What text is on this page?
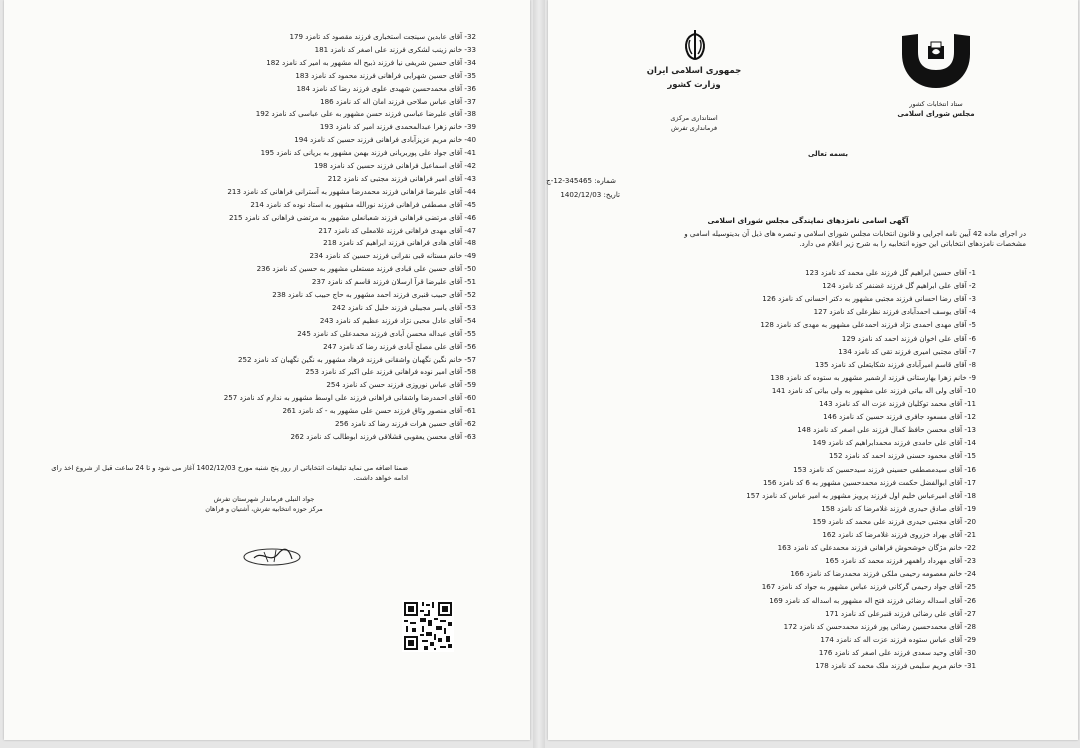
32- آقای عابدین سینجت استخباری فرزند مقصود کد تامزد 179
33- خانم زینب لشکری فرزند علی اصغر کد نامزد 181
34- آقای حسین شریفی نیا فرزند ذبیح اله مشهور به امیر کد نامزد 182
35- آقای حسین شهرابی فراهانی فرزند محمود کد نامزد 183
36- آقای محمدحسین شهیدی علوی فرزند رضا کد نامزد 184
37- آقای عباس صلاحی فرزند امان اله کد نامزد 186
38- آقای علیرضا عباسی فرزند حسن مشهور به علی عباسی کد نامزد 192
39- خانم زهرا عبدالمحمدی فرزند امیر کد نامزد 193
40- خانم مریم عزیزآبادی فراهانی فرزند حسین کد نامزد 194
41- آقای جواد علی پوربریانی فرزند بهمن مشهور به بریانی کد نامزد 195
42- آقای اسماعیل فراهانی فرزند حسین کد نامزد 198
43- آقای امیر فراهانی فرزند مجتبی کد نامزد 212
44- آقای علیرضا فراهانی فرزند محمدرضا مشهور به آسترانی فراهانی کد نامزد 213
45- آقای مصطفی فراهانی فرزند نورالله مشهور به استاد نوده کد نامزد 214
46- آقای مرتضی فراهانی فرزند شعبانعلی مشهور به مرتضی فراهانی کد نامزد 215
47- آقای مهدی فراهانی فرزند غلامعلی کد نامزد 217
48- آقای هادی فراهانی فرزند ابراهیم کد نامزد 218
49- خانم مستانه قبی نقرانی فرزند حسین کد نامزد 234
50- آقای حسین علی قبادی فرزند مستعلی مشهور به حسین کد نامزد 236
51- آقای علیرضا قرآ ارسلان فرزند قاسم کد نامزد 237
52- آقای حبیب قنبری فرزند احمد مشهور به حاج حبیب کد نامزد 238
53- آقای یاسر مجیبلی فرزند خلیل کد نامزد 242
54- آقای عادل محبی نژاد فرزند عظیم کد نامزد 243
55- آقای عبداله محسن آبادی فرزند محمدعلی کد نامزد 245
56- آقای علی مصلح آبادی فرزند رضا کد نامزد 247
57- خانم نگین نگهبان واشقانی فرزند فرهاد مشهور به نگین نگهبان کد نامزد 252
58- آقای امیر نوده فراهانی فرزند علی اکبر کد نامزد 253
59- آقای عباس نوروزی فرزند حسن کد نامزد 254
60- آقای احمدرضا واشقانی فراهانی فرزند علی اوسط مشهور به ندارم کد نامزد 257
61- آقای منصور وثاق فرزند حسن علی مشهور به - کد نامزد 261
62- آقای حسین هرات فرزند رضا کد نامزد 256
63- آقای محسن یعقوبی قشلاقی فرزند ابوطالب کد نامزد 262
ضمنا اضافه می نماید تبلیغات انتخاباتی از روز پنج شنبه مورخ 1402/12/03 آغاز می شود و تا 24 ساعت قبل از شروع اخذ رای
ادامه خواهد داشت.
جواد النبلی فرماندار شهرستان تفرش
مرکز حوزه انتخابیه تفرش، آشتیان و فراهان
ستاد انتخابات کشور
مجلس شورای اسلامی
جمهوری اسلامی ایران
وزارت کشور
استانداری مرکزی
فرمانداری تفرش
بسمه تعالی
شماره: 345465-12-ج
تاریخ: 1402/12/03
آگهی اسامی نامزدهای نمایندگی مجلس شورای اسلامی
در اجرای ماده 42 آیین نامه اجرایی و قانون انتخابات مجلس شورای اسلامی و تبصره های ذیل آن بدینوسیله اسامی و
مشخصات نامزدهای انتخاباتی این حوزه انتخابیه را به شرح زیر اعلام می دارد.
1- آقای حسین ابراهیم گل فرزند علی محمد کد نامزد 123
2- آقای علی ابراهیم گل فرزند غضنفر کد نامزد 124
3- آقای رضا احسانی فرزند مجتبی مشهور به دکتر احسانی کد نامزد 126
4- آقای یوسف احمدآبادی فرزند نظرعلی کد نامزد 127
5- آقای مهدی احمدی نژاد فرزند احمدعلی مشهور به مهدی کد نامزد 128
6- آقای علی اخوان فرزند احمد کد نامزد 129
7- آقای مجتبی امیری فرزند تقی کد نامزد 134
8- آقای قاسم امیرآبادی فرزند شکایتعلی کد نامزد 135
9- خانم زهرا بهارستانی فرزند ارشمیر مشهور به ستوده کد نامزد 138
10- آقای ولی اله بیاتی فرزند علی مشهور به ولی بیاتی کد نامزد 141
11- آقای محمد توکلیان فرزند عزت اله کد نامزد 143
12- آقای مسعود جافری فرزند حسین کد نامزد 146
13- آقای محسن حافظ کمال فرزند علی اصغر کد نامزد 148
14- آقای علی حامدی فرزند محمدابراهیم کد نامزد 149
15- آقای محمود حسنی فرزند احمد کد نامزد 152
16- آقای سیدمصطفی حسینی فرزند سیدحسین کد نامزد 153
17- آقای ابوالفضل حکمت فرزند محمدحسین مشهور به 6 کد نامزد 156
18- آقای امیرعباس خلیم اول فرزند پرویز مشهور به امیر عباس کد نامزد 157
19- آقای صادق حیدری فرزند غلامرضا کد نامزد 158
20- آقای مجتبی حیدری فرزند علی محمد کد نامزد 159
21- آقای بهراد خزروی فرزند غلامرضا کد نامزد 162
22- خانم مژگان خوشحوش فراهانی فرزند محمدعلی کد نامزد 163
23- آقای مهرداد راهمهر فرزند محمد کد نامزد 165
24- خانم معصومه رحیمی ملکی فرزند محمدرضا کد نامزد 166
25- آقای جواد رحیمی گرکانی فرزند عباس مشهور به جواد کد نامزد 167
26- آقای اسداله رضائی فرزند فتح اله مشهور به اسداله کد نامزد 169
27- آقای علی رضائی فرزند قنبرعلی کد نامزد 171
28- آقای محمدحسین رضائی پور فرزند محمدحسن کد نامزد 172
29- آقای عباس ستوده فرزند عزت اله کد نامزد 174
30- آقای وحید سعدی فرزند علی اصغر کد نامزد 176
31- خانم مریم سلیمی فرزند ملک محمد کد نامزد 178
